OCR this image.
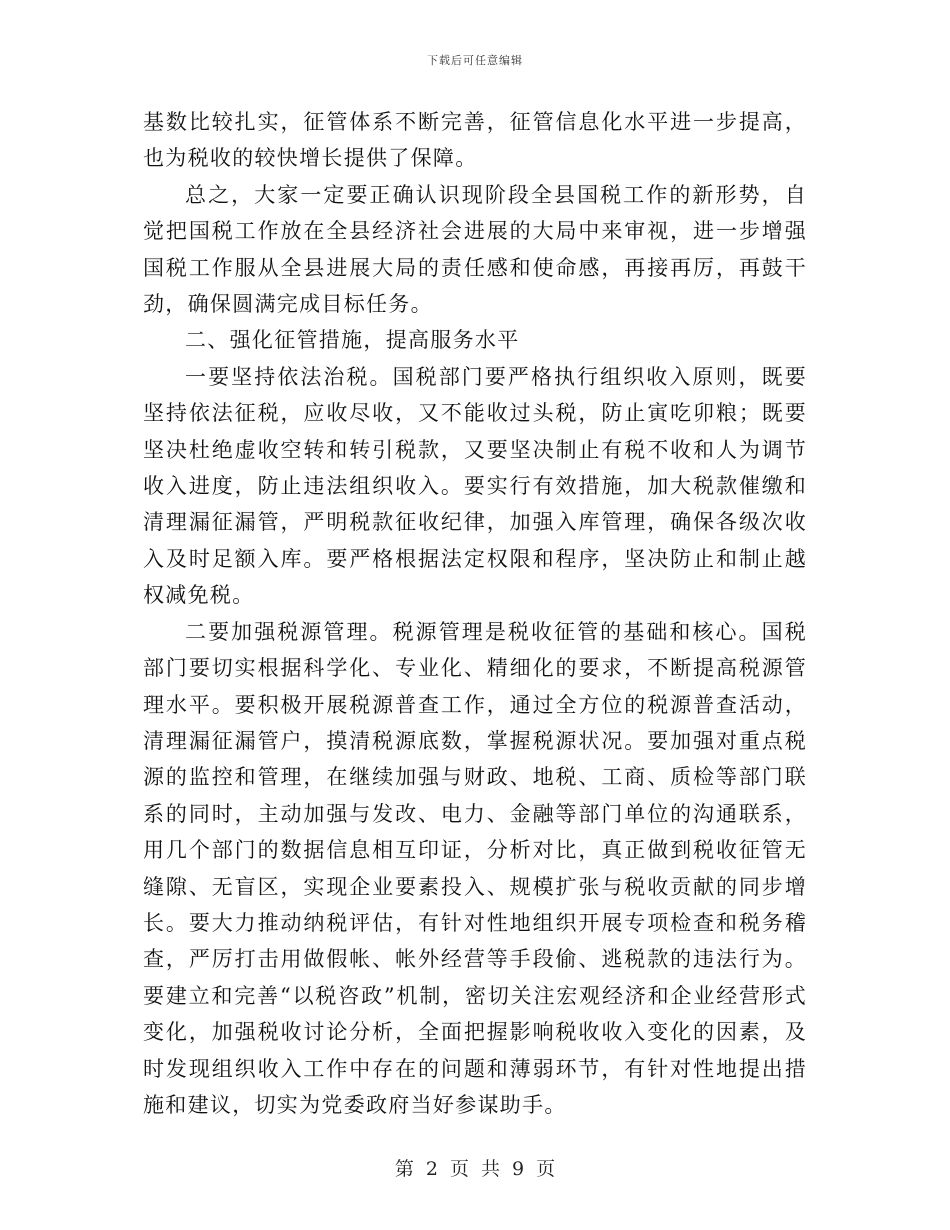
下载后可任意编辑

基数比较扎实，征管体系不断完善，征管信息化水平进一步提高，也为税收的较快增长提供了保障。

总之，大家一定要正确认识现阶段全县国税工作的新形势，自觉把国税工作放在全县经济社会进展的大局中来审视，进一步增强国税工作服从全县进展大局的责任感和使命感，再接再厉，再鼓干劲，确保圆满完成目标任务。

二、强化征管措施，提高服务水平

一要坚持依法治税。国税部门要严格执行组织收入原则，既要坚持依法征税，应收尽收，又不能收过头税，防止寅吃卯粮；既要坚决杜绝虚收空转和转引税款，又要坚决制止有税不收和人为调节收入进度，防止违法组织收入。要实行有效措施，加大税款催缴和清理漏征漏管，严明税款征收纪律，加强入库管理，确保各级次收入及时足额入库。要严格根据法定权限和程序，坚决防止和制止越权减免税。

二要加强税源管理。税源管理是税收征管的基础和核心。国税部门要切实根据科学化、专业化、精细化的要求，不断提高税源管理水平。要积极开展税源普查工作，通过全方位的税源普查活动，清理漏征漏管户，摸清税源底数，掌握税源状况。要加强对重点税源的监控和管理，在继续加强与财政、地税、工商、质检等部门联系的同时，主动加强与发改、电力、金融等部门单位的沟通联系，用几个部门的数据信息相互印证，分析对比，真正做到税收征管无缝隙、无盲区，实现企业要素投入、规模扩张与税收贡献的同步增长。要大力推动纳税评估，有针对性地组织开展专项检查和税务稽查，严厉打击用做假帐、帐外经营等手段偷、逃税款的违法行为。要建立和完善“以税咨政”机制，密切关注宏观经济和企业经营形式变化，加强税收讨论分析，全面把握影响税收收入变化的因素，及时发现组织收入工作中存在的问题和薄弱环节，有针对性地提出措施和建议，切实为党委政府当好参谋助手。

第 2 页 共 9 页
